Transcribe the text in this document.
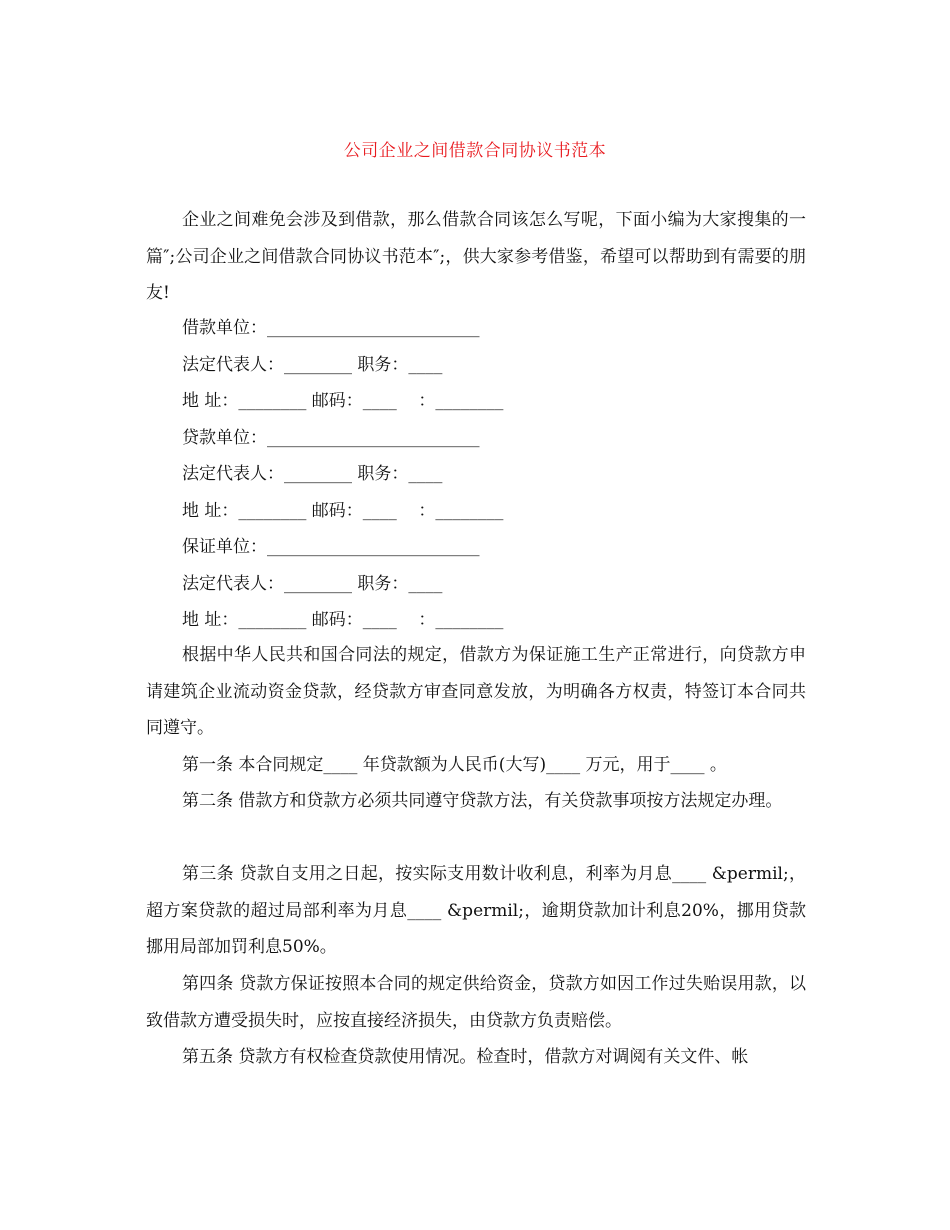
公司企业之间借款合同协议书范本

企业之间难免会涉及到借款，那么借款合同该怎么写呢，下面小编为大家搜集的一篇″;公司企业之间借款合同协议书范本″;，供大家参考借鉴，希望可以帮助到有需要的朋友!

借款单位：_________________________

法定代表人：________ 职务：____

地 址：________ 邮码：____    ：________

贷款单位：_________________________

法定代表人：________ 职务：____

地 址：________ 邮码：____    ：________

保证单位：_________________________

法定代表人：________ 职务：____

地 址：________ 邮码：____    ：________

根据中华人民共和国合同法的规定，借款方为保证施工生产正常进行，向贷款方申请建筑企业流动资金贷款，经贷款方审查同意发放，为明确各方权责，特签订本合同共同遵守。

第一条 本合同规定____ 年贷款额为人民币(大写)____ 万元，用于____ 。

第二条 借款方和贷款方必须共同遵守贷款方法，有关贷款事项按方法规定办理。

第三条 贷款自支用之日起，按实际支用数计收利息，利率为月息____ &permil;，超方案贷款的超过局部利率为月息____ &permil;，逾期贷款加计利息20%，挪用贷款挪用局部加罚利息50%。

第四条 贷款方保证按照本合同的规定供给资金，贷款方如因工作过失贻误用款，以致借款方遭受损失时，应按直接经济损失，由贷款方负责赔偿。

第五条 贷款方有权检查贷款使用情况。检查时，借款方对调阅有关文件、帐
